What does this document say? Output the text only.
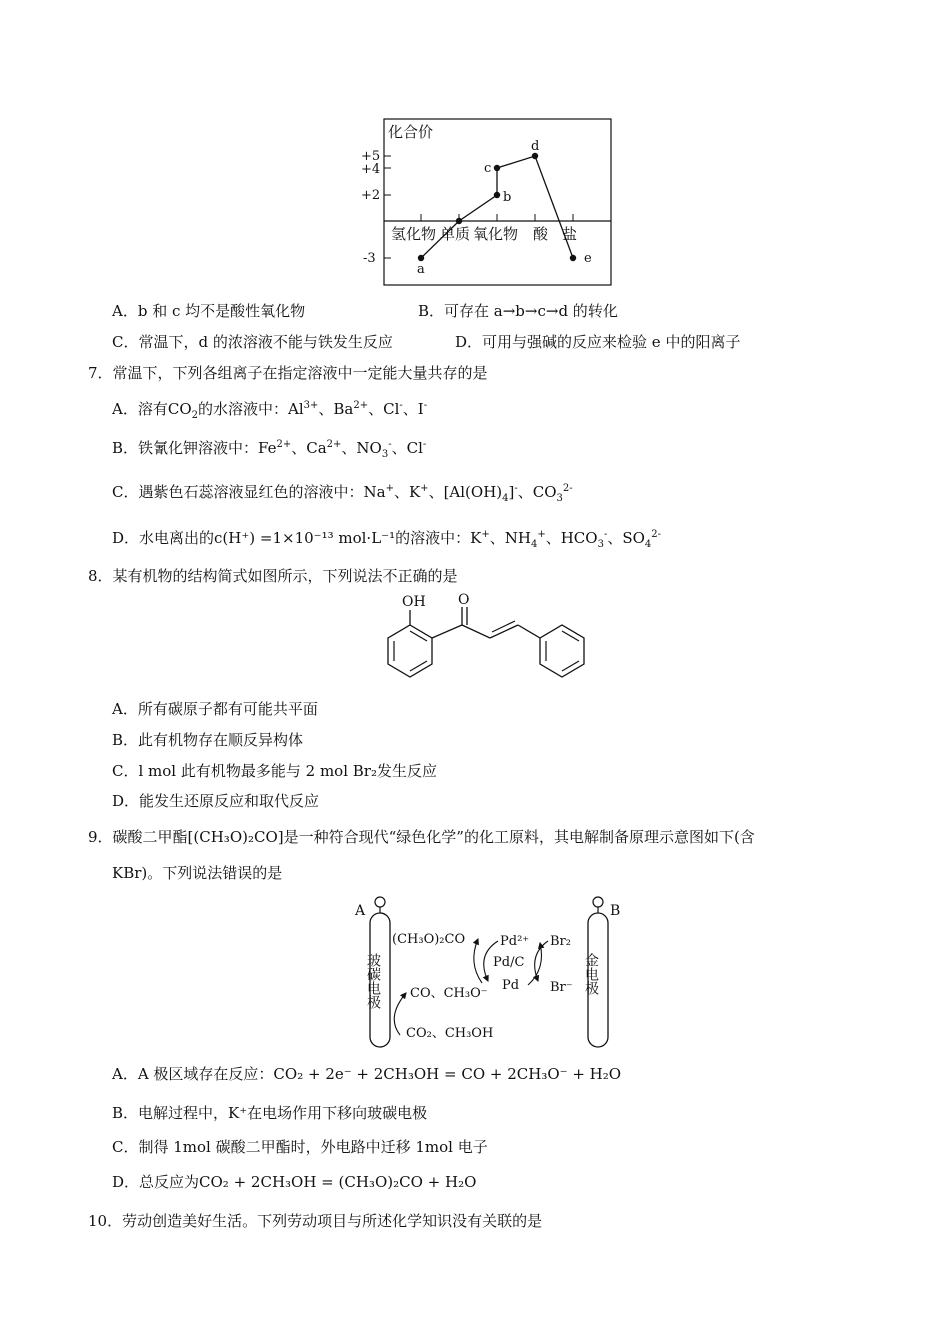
化合价
+5
+4
+2
-3
氢化物 单质 氧化物 酸 盐
a
b
c
d
e
A．b 和 c 均不是酸性氧化物	B．可存在 a→b→c→d 的转化
C．常温下，d 的浓溶液不能与铁发生反应	D．可用与强碱的反应来检验 e 中的阳离子
7．常温下，下列各组离子在指定溶液中一定能大量共存的是
A．溶有$CO_2$的水溶液中：$Al^{3+}$、$Ba^{2+}$、Cl-、I-
B．铁氰化钾溶液中：$Fe^{2+}$、$Ca^{2+}$、$NO_3^-$、Cl-
C．遇紫色石蕊溶液显红色的溶液中：Na+、K+、$[Al(OH)_4]^-$、$CO_3^{2-}$
D．水电离出的c(H⁺) =1×10⁻¹³ mol·L⁻¹的溶液中：K+、$NH_4^+$、$HCO_3^-$、$SO_4^{2-}$
8．某有机物的结构简式如图所示，下列说法不正确的是
OH O
A．所有碳原子都有可能共平面
B．此有机物存在顺反异构体
C．l mol 此有机物最多能与 2 mol Br₂发生反应
D．能发生还原反应和取代反应
9．碳酸二甲酯[(CH₃O)₂CO]是一种符合现代“绿色化学”的化工原料，其电解制备原理示意图如下(含
KBr)。下列说法错误的是
A
玻碳电极
B
金电极
(CH₃O)₂CO
CO、CH₃O⁻
CO₂、CH₃OH
Pd²⁺
Pd/C
Pd
Br₂
Br⁻
A．A 极区域存在反应：CO₂ + 2e⁻ + 2CH₃OH = CO + 2CH₃O⁻ + H₂O
B．电解过程中，K⁺在电场作用下移向玻碳电极
C．制得 1mol 碳酸二甲酯时，外电路中迁移 1mol 电子
D．总反应为CO₂ + 2CH₃OH = (CH₃O)₂CO + H₂O
10．劳动创造美好生活。下列劳动项目与所述化学知识没有关联的是
